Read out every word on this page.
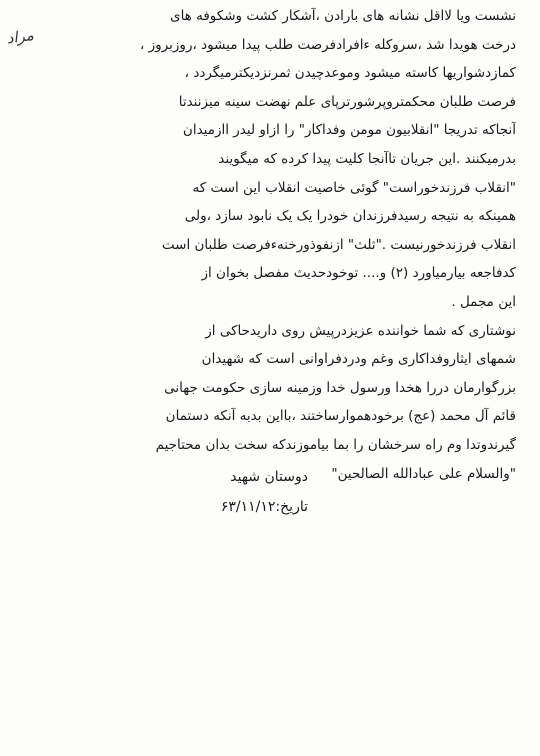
مراد
نشست ویا لااقل نشانه های بارادن ،آشکار کشت وشکوفه های
درخت هویدا شد ،سروکله ءافرادفرصت طلب پیدا میشود ،روزبروز ،
کمازدشواریها کاسته میشود وموعدچیدن ثمرنزدیکترمیگردد ،
فرصت طلبان محکمتروپرشورترپای علم نهضت سینه میزنندتا
آنجاکه تدریجا "انقلابیون مومن وفداکار" را ازاو لیدر اازمیدان
بدرمیکنند .این جریان تاآنجا کلیت پیدا کرده که میگویند
"انقلاب فرزندخوراست" گوئی خاصیت انقلاب این است که
همینکه به نتیجه رسیدفرزندان خودرا یک یک نابود سازد ،ولی
انقلاب فرزندخورنیست ."ثلث" ازنفوذورخنهءفرصت طلبان است
کدفاجعه بیارمیاورد (۲) و.... توخودحدیث مفصل بخوان از
این مجمل .
نوشتاری که شما خواننده عزیزدرپیش روی داریدحاکی از
شمهای ایثاروفداکاری وغم ودردفراوانی است که شهیدان
بزرگوارمان دررا هخدا ورسول خدا وزمینه سازی حکومت جهانی
قائم آل محمد (عج) برخودهموارساختند ،بااین بدبه آنکه دستمان
گیرندوتدا وم راه سرخشان را بما بیاموزندکه سخت بدان محتاجیم
"والسلام علی عبادالله الصالحین"
دوستان شهید
تاریخ:۶۳/۱۱/۱۲
